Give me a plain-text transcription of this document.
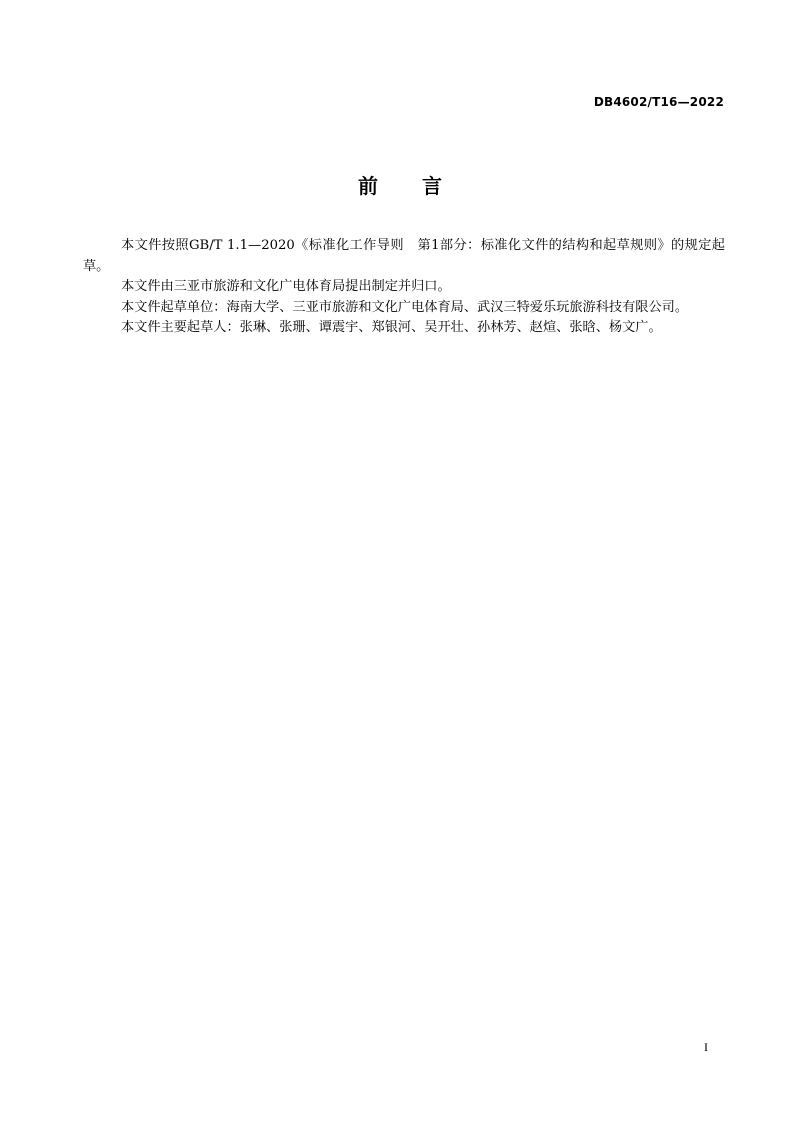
DB4602/T16—2022
前 言

本文件按照GB/T 1.1—2020《标准化工作导则　第1部分：标准化文件的结构和起草规则》的规定起草。

本文件由三亚市旅游和文化广电体育局提出制定并归口。

本文件起草单位：海南大学、三亚市旅游和文化广电体育局、武汉三特爱乐玩旅游科技有限公司。

本文件主要起草人：张琳、张珊、谭震宇、郑银河、吴开壮、孙林芳、赵煊、张晗、杨文广。

I
